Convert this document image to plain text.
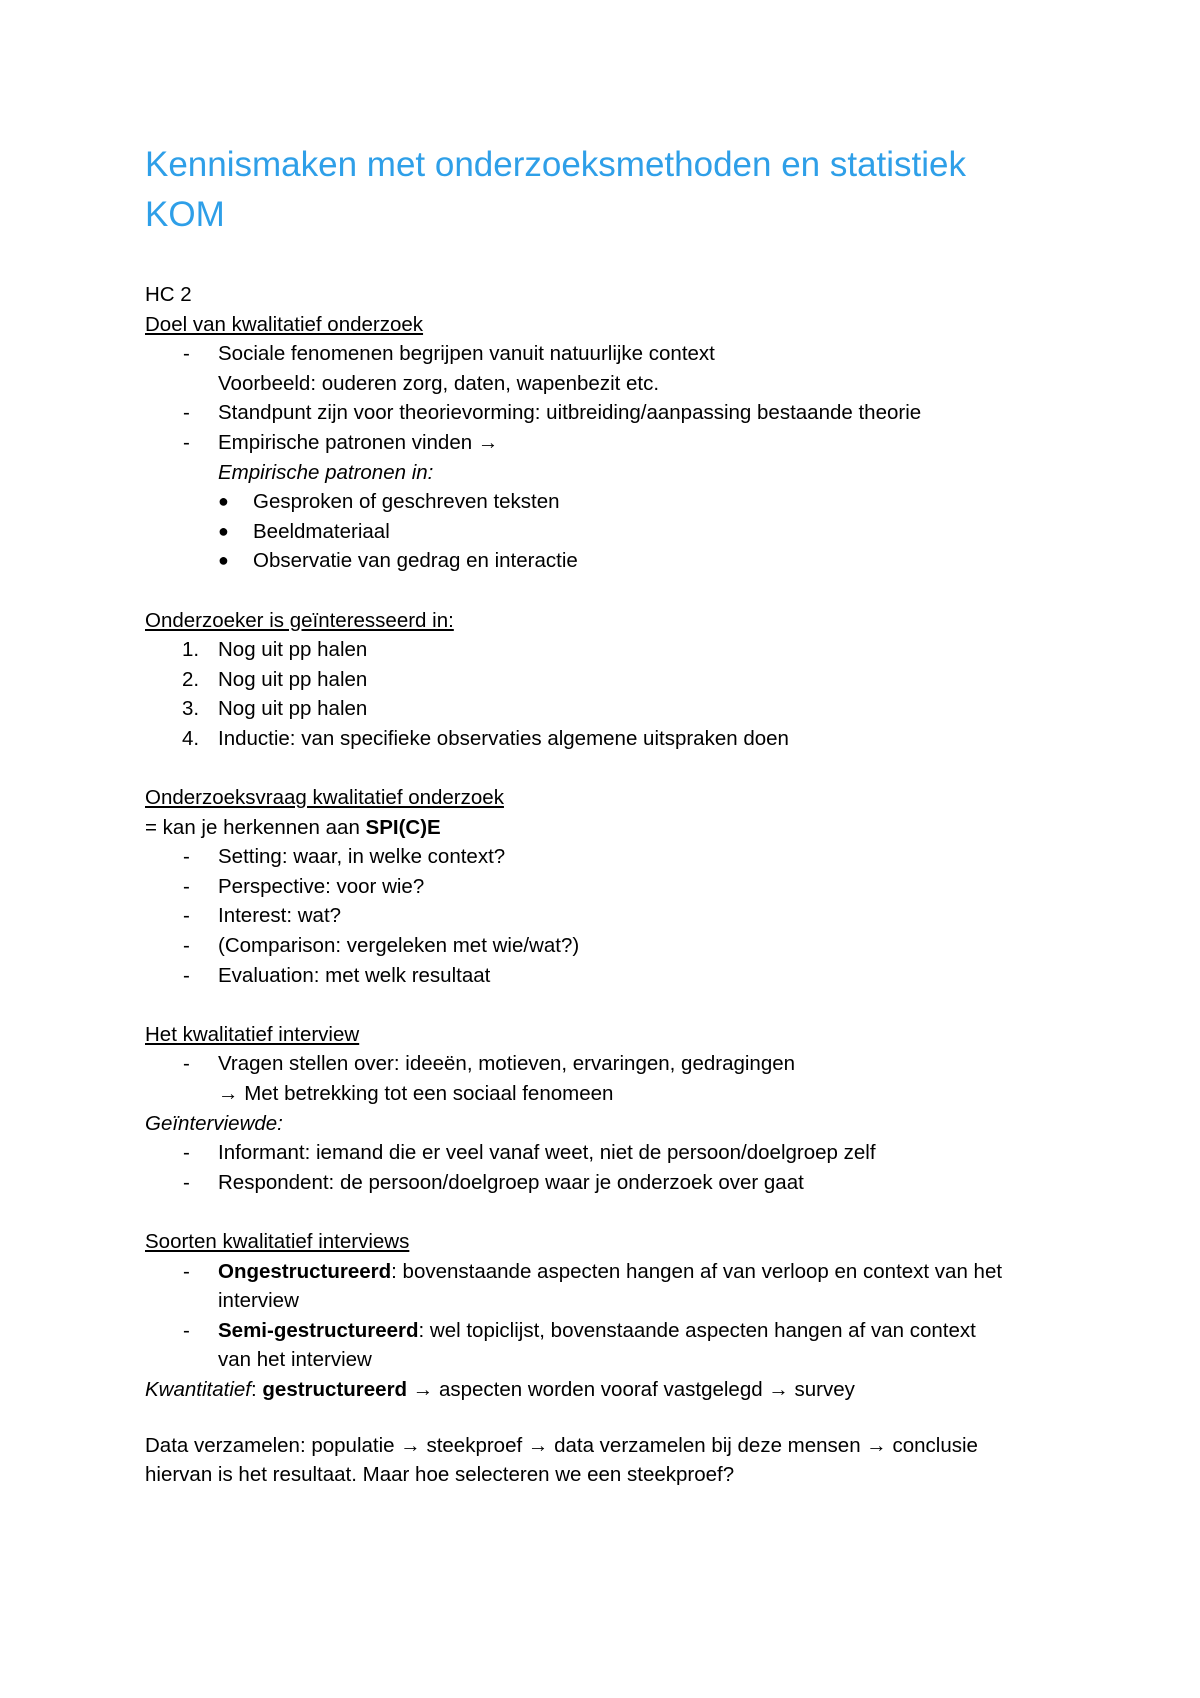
Kennismaken met onderzoeksmethoden en statistiek
KOM
HC 2
Doel van kwalitatief onderzoek
- Sociale fenomenen begrijpen vanuit natuurlijke context
Voorbeeld: ouderen zorg, daten, wapenbezit etc.
- Standpunt zijn voor theorievorming: uitbreiding/aanpassing bestaande theorie
- Empirische patronen vinden →
Empirische patronen in:
● Gesproken of geschreven teksten
● Beeldmateriaal
● Observatie van gedrag en interactie
Onderzoeker is geïnteresseerd in:
1. Nog uit pp halen
2. Nog uit pp halen
3. Nog uit pp halen
4. Inductie: van specifieke observaties algemene uitspraken doen
Onderzoeksvraag kwalitatief onderzoek
= kan je herkennen aan SPI(C)E
- Setting: waar, in welke context?
- Perspective: voor wie?
- Interest: wat?
- (Comparison: vergeleken met wie/wat?)
- Evaluation: met welk resultaat
Het kwalitatief interview
- Vragen stellen over: ideeën, motieven, ervaringen, gedragingen
→ Met betrekking tot een sociaal fenomeen
Geïnterviewde:
- Informant: iemand die er veel vanaf weet, niet de persoon/doelgroep zelf
- Respondent: de persoon/doelgroep waar je onderzoek over gaat
Soorten kwalitatief interviews
- Ongestructureerd: bovenstaande aspecten hangen af van verloop en context van het
interview
- Semi-gestructureerd: wel topiclijst, bovenstaande aspecten hangen af van context
van het interview
Kwantitatief: gestructureerd → aspecten worden vooraf vastgelegd → survey
Data verzamelen: populatie → steekproef → data verzamelen bij deze mensen → conclusie
hiervan is het resultaat. Maar hoe selecteren we een steekproef?
